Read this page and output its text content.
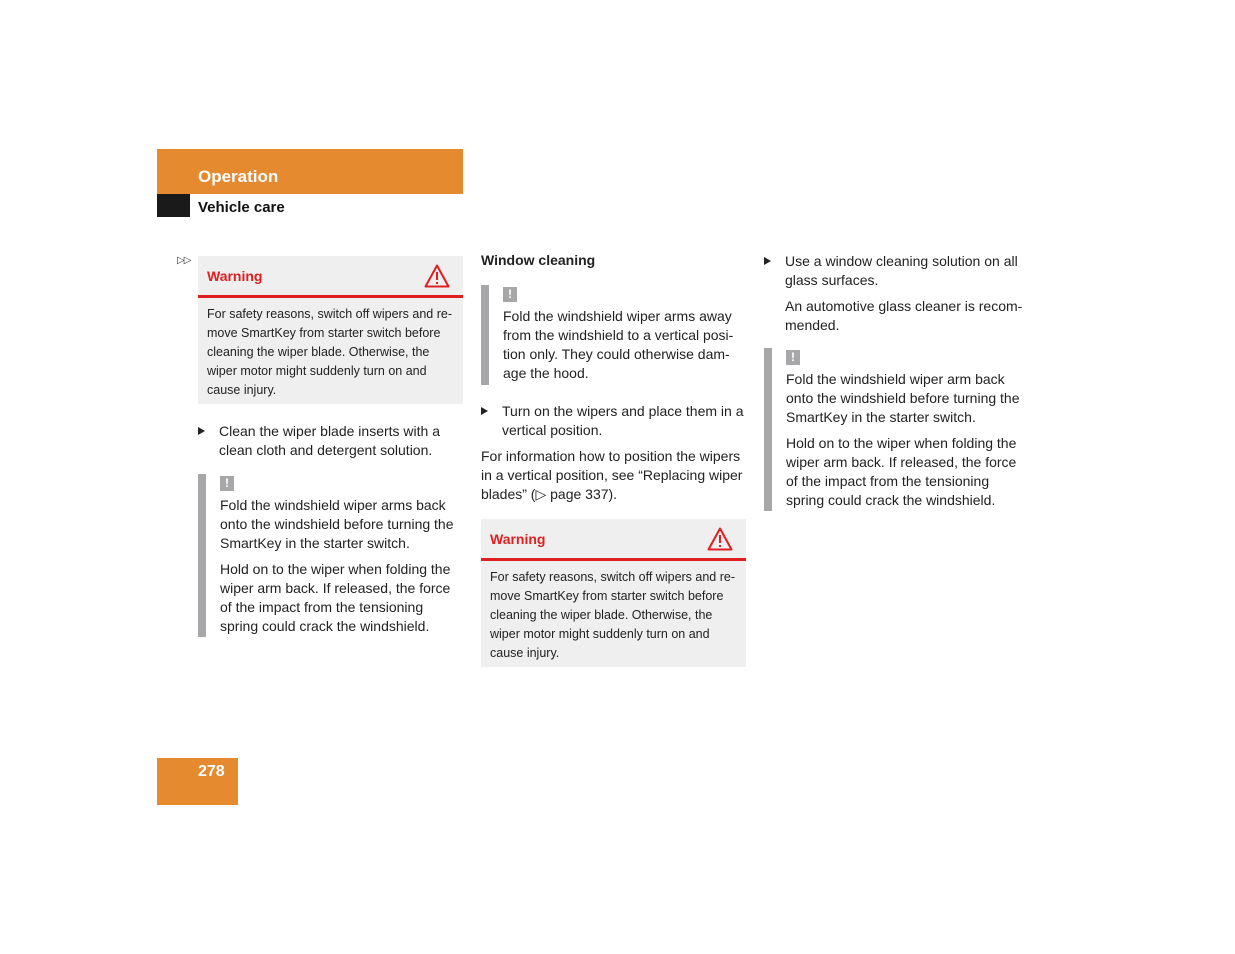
Operation
Vehicle care
▷▷
Warning
For safety reasons, switch off wipers and re-
move SmartKey from starter switch before
cleaning the wiper blade. Otherwise, the
wiper motor might suddenly turn on and
cause injury.
Clean the wiper blade inserts with a
clean cloth and detergent solution.
!

Fold the windshield wiper arms back
onto the windshield before turning the
SmartKey in the starter switch.

Hold on to the wiper when folding the
wiper arm back. If released, the force
of the impact from the tensioning
spring could crack the windshield.

Window cleaning
!

Fold the windshield wiper arms away
from the windshield to a vertical posi-
tion only. They could otherwise dam-
age the hood.

Turn on the wipers and place them in a
vertical position.
For information how to position the wipers
in a vertical position, see “Replacing wiper
blades” (▷ page 337).
Warning
For safety reasons, switch off wipers and re-
move SmartKey from starter switch before
cleaning the wiper blade. Otherwise, the
wiper motor might suddenly turn on and
cause injury.
Use a window cleaning solution on all
glass surfaces.
An automotive glass cleaner is recom-
mended.
!

Fold the windshield wiper arm back
onto the windshield before turning the
SmartKey in the starter switch.

Hold on to the wiper when folding the
wiper arm back. If released, the force
of the impact from the tensioning
spring could crack the windshield.

278
